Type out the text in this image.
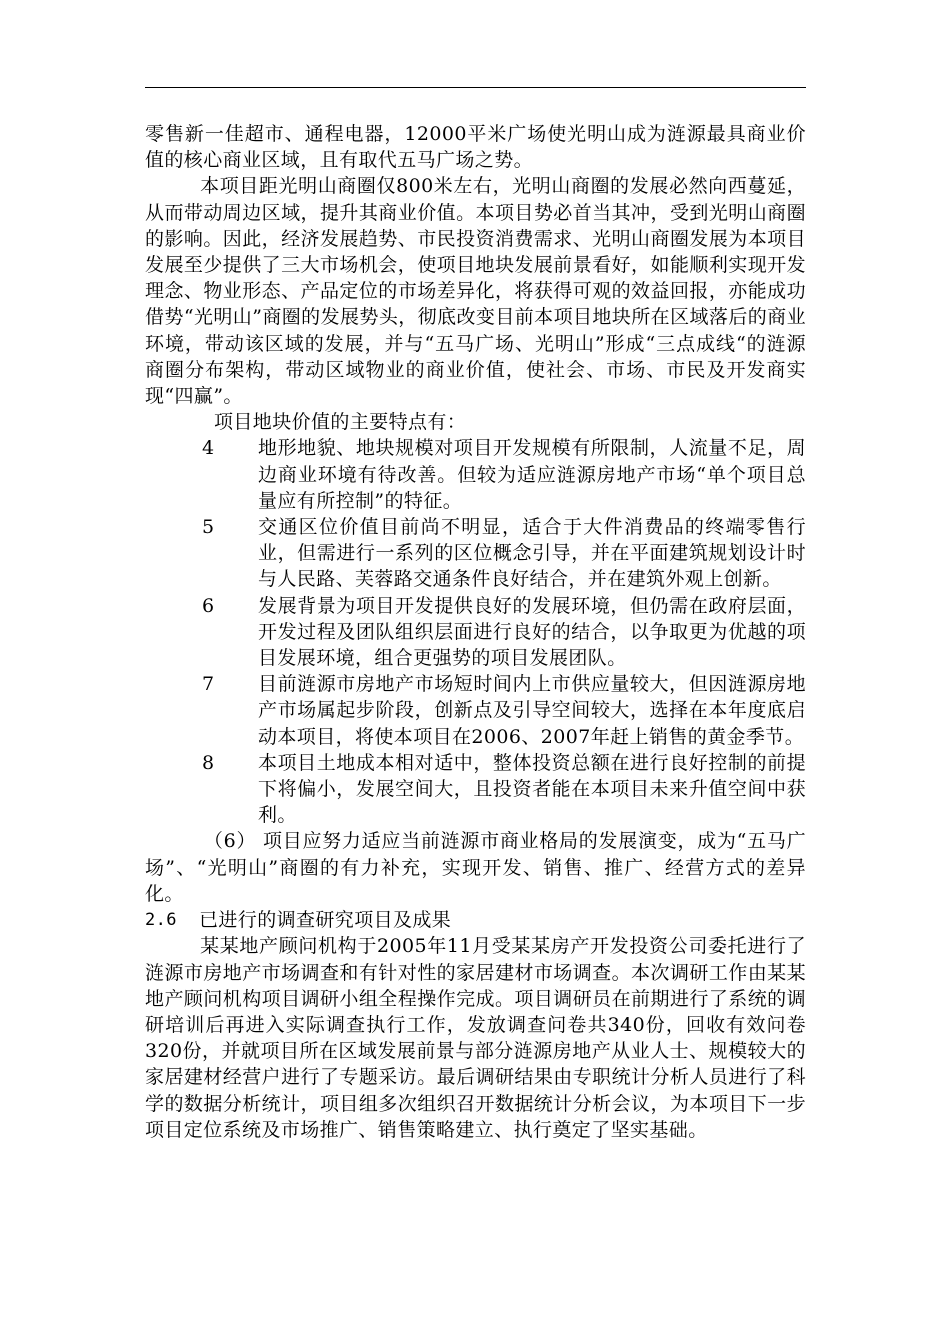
零售新一佳超市、通程电器，12000平米广场使光明山成为涟源最具商业价值的核心商业区域，且有取代五马广场之势。

本项目距光明山商圈仅800米左右，光明山商圈的发展必然向西蔓延，从而带动周边区域，提升其商业价值。本项目势必首当其冲，受到光明山商圈的影响。因此，经济发展趋势、市民投资消费需求、光明山商圈发展为本项目发展至少提供了三大市场机会，使项目地块发展前景看好，如能顺利实现开发理念、物业形态、产品定位的市场差异化，将获得可观的效益回报，亦能成功借势“光明山”商圈的发展势头，彻底改变目前本项目地块所在区域落后的商业环境，带动该区域的发展，并与“五马广场、光明山”形成“三点成线“的涟源商圈分布架构，带动区域物业的商业价值，使社会、市场、市民及开发商实现“四赢”。

项目地块价值的主要特点有：

4	地形地貌、地块规模对项目开发规模有所限制，人流量不足，周边商业环境有待改善。但较为适应涟源房地产市场“单个项目总量应有所控制”的特征。
5	交通区位价值目前尚不明显，适合于大件消费品的终端零售行业，但需进行一系列的区位概念引导，并在平面建筑规划设计时与人民路、芙蓉路交通条件良好结合，并在建筑外观上创新。
6	发展背景为项目开发提供良好的发展环境，但仍需在政府层面，开发过程及团队组织层面进行良好的结合，以争取更为优越的项目发展环境，组合更强势的项目发展团队。
7	目前涟源市房地产市场短时间内上市供应量较大，但因涟源房地产市场属起步阶段，创新点及引导空间较大，选择在本年度底启动本项目，将使本项目在2006、2007年赶上销售的黄金季节。
8	本项目土地成本相对适中，整体投资总额在进行良好控制的前提下将偏小，发展空间大，且投资者能在本项目未来升值空间中获利。

（6） 项目应努力适应当前涟源市商业格局的发展演变，成为“五马广场”、“光明山”商圈的有力补充，实现开发、销售、推广、经营方式的差异化。

2.6	已进行的调查研究项目及成果

某某地产顾问机构于2005年11月受某某房产开发投资公司委托进行了涟源市房地产市场调查和有针对性的家居建材市场调查。本次调研工作由某某地产顾问机构项目调研小组全程操作完成。项目调研员在前期进行了系统的调研培训后再进入实际调查执行工作，发放调查问卷共340份，回收有效问卷320份，并就项目所在区域发展前景与部分涟源房地产从业人士、规模较大的家居建材经营户进行了专题采访。最后调研结果由专职统计分析人员进行了科学的数据分析统计，项目组多次组织召开数据统计分析会议，为本项目下一步项目定位系统及市场推广、销售策略建立、执行奠定了坚实基础。
